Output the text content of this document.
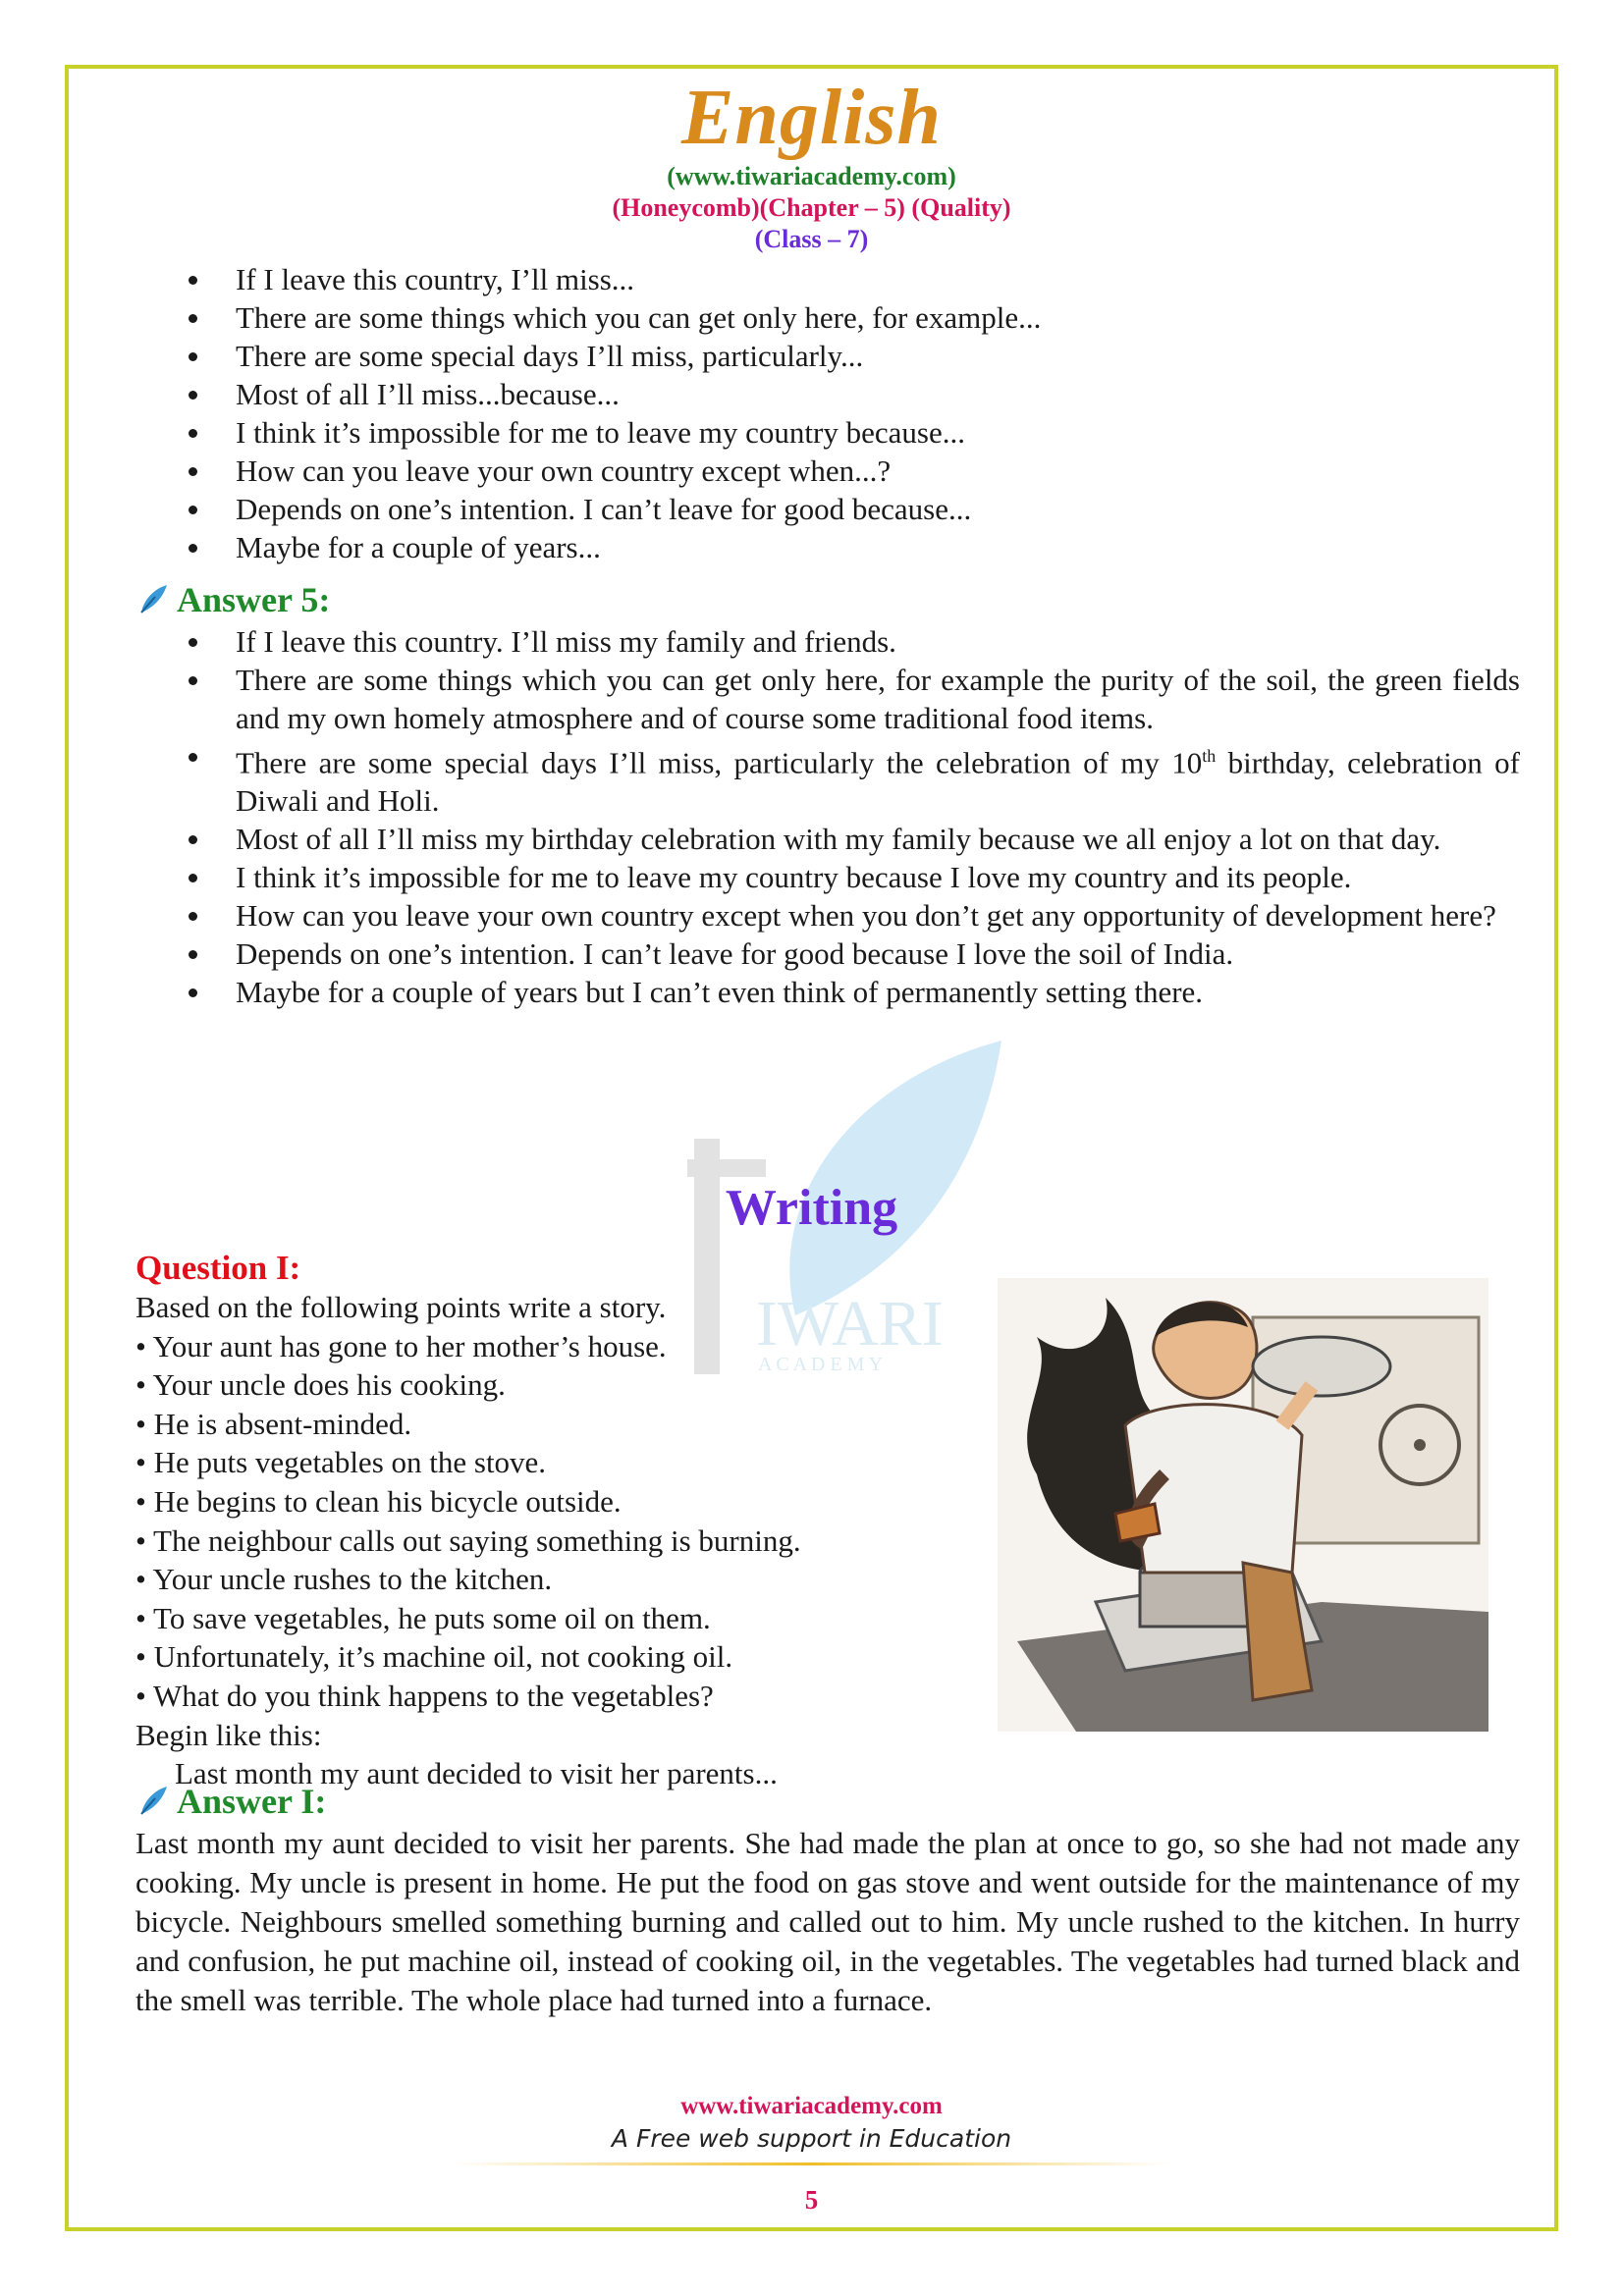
English
(www.tiwariacademy.com)
(Honeycomb)(Chapter – 5) (Quality)
(Class – 7)
IWARI
A C A D E M Y
If I leave this country, I’ll miss...
There are some things which you can get only here, for example...
There are some special days I’ll miss, particularly...
Most of all I’ll miss...because...
I think it’s impossible for me to leave my country because...
How can you leave your own country except when...?
Depends on one’s intention. I can’t leave for good because...
Maybe for a couple of years...
Answer 5:
If I leave this country. I’ll miss my family and friends.
There are some things which you can get only here, for example the purity of the soil, the green fields and my own homely atmosphere and of course some traditional food items.
There are some special days I’ll miss, particularly the celebration of my 10th birthday, celebration of Diwali and Holi.
Most of all I’ll miss my birthday celebration with my family because we all enjoy a lot on that day.
I think it’s impossible for me to leave my country because I love my country and its people.
How can you leave your own country except when you don’t get any opportunity of development here?
Depends on one’s intention. I can’t leave for good because I love the soil of India.
Maybe for a couple of years but I can’t even think of permanently setting there.
Writing
Question I:
Based on the following points write a story.
• Your aunt has gone to her mother’s house.
• Your uncle does his cooking.
• He is absent-minded.
• He puts vegetables on the stove.
• He begins to clean his bicycle outside.
• The neighbour calls out saying something is burning.
• Your uncle rushes to the kitchen.
• To save vegetables, he puts some oil on them.
• Unfortunately, it’s machine oil, not cooking oil.
• What do you think happens to the vegetables?
Begin like this:
Last month my aunt decided to visit her parents...
Answer I:
Last month my aunt decided to visit her parents. She had made the plan at once to go, so she had not made any cooking. My uncle is present in home. He put the food on gas stove and went outside for the maintenance of my bicycle. Neighbours smelled something burning and called out to him. My uncle rushed to the kitchen. In hurry and confusion, he put machine oil, instead of cooking oil, in the vegetables. The vegetables had turned black and the smell was terrible. The whole place had turned into a furnace.
www.tiwariacademy.com
A Free web support in Education
5
